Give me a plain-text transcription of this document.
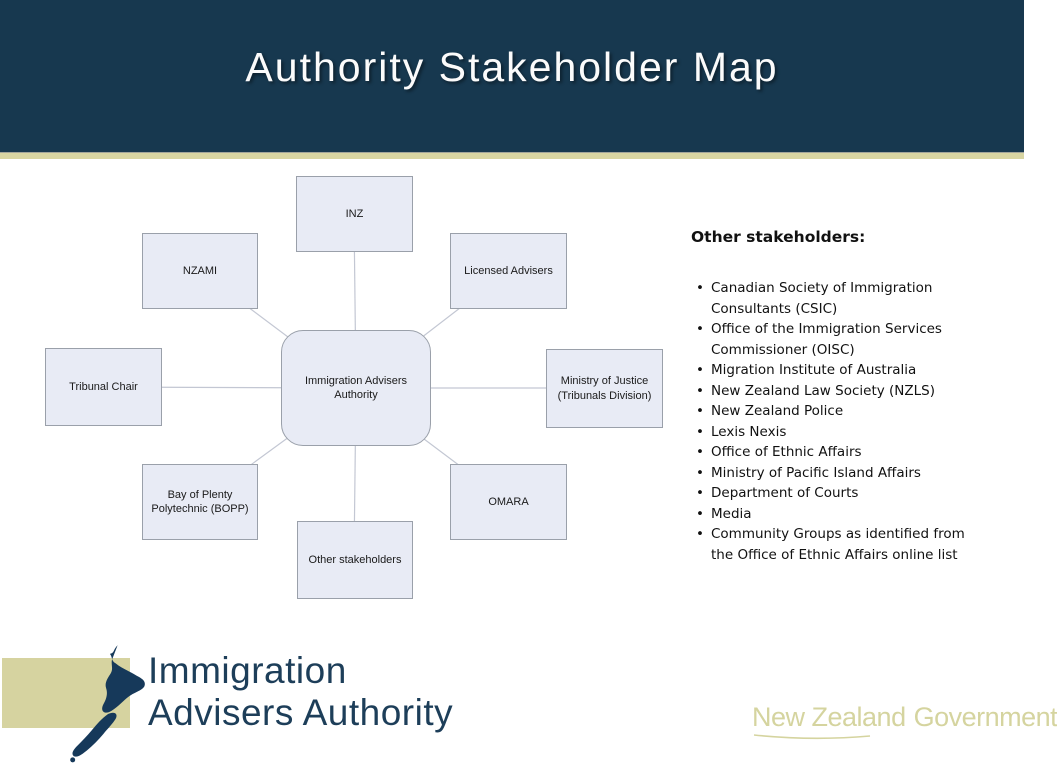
Authority Stakeholder Map
INZ
NZAMI	Licensed Advisers
Tribunal Chair	Ministry of Justice (Tribunals Division)
Bay of Plenty Polytechnic (BOPP)
OMARA
Other stakeholders
Immigration Advisers Authority

Other stakeholders:

• Canadian Society of Immigration Consultants (CSIC)
• Office of the Immigration Services Commissioner (OISC)
• Migration Institute of Australia
• New Zealand Law Society (NZLS)
• New Zealand Police
• Lexis Nexis
• Office of Ethnic Affairs
• Ministry of Pacific Island Affairs
• Department of Courts
• Media
• Community Groups as identified from the Office of Ethnic Affairs online list
Immigration
Advisers Authority	New Zealand Government
